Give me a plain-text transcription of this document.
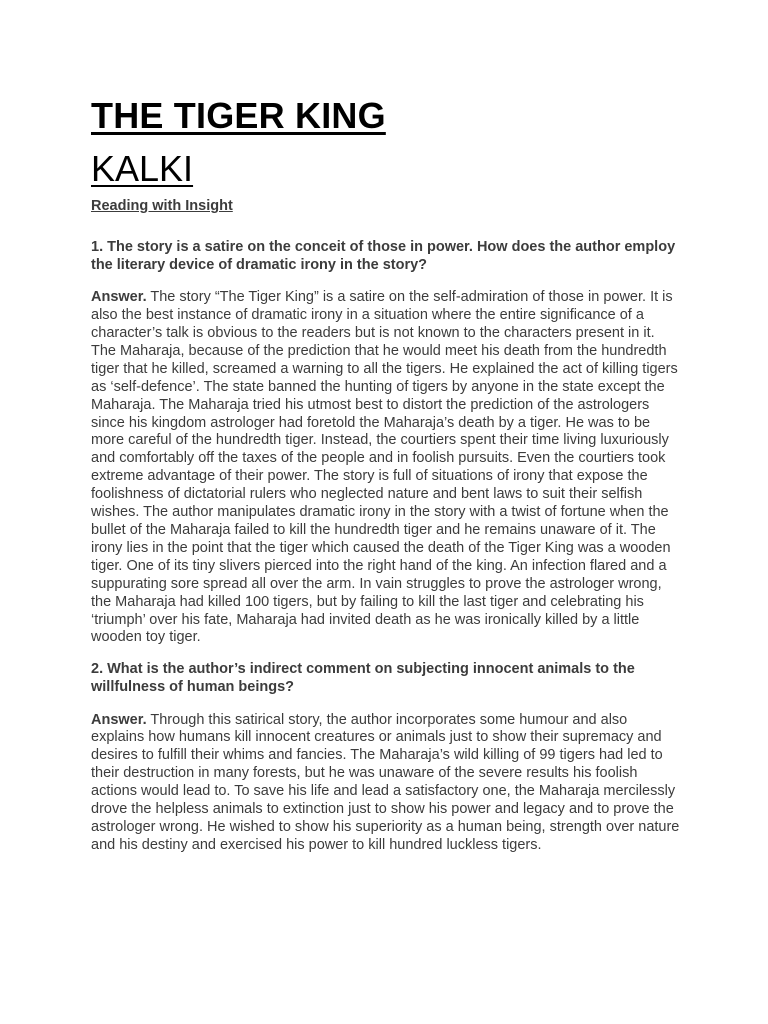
THE TIGER KING
KALKI
Reading with Insight

1. The story is a satire on the conceit of those in power. How does the author employ the literary device of dramatic irony in the story?

Answer. The story “The Tiger King” is a satire on the self-admiration of those in power. It is also the best instance of dramatic irony in a situation where the entire significance of a character’s talk is obvious to the readers but is not known to the characters present in it. The Maharaja, because of the prediction that he would meet his death from the hundredth tiger that he killed, screamed a warning to all the tigers. He explained the act of killing tigers as ‘self-defence’. The state banned the hunting of tigers by anyone in the state except the Maharaja. The Maharaja tried his utmost best to distort the prediction of the astrologers since his kingdom astrologer had foretold the Maharaja’s death by a tiger. He was to be more careful of the hundredth tiger. Instead, the courtiers spent their time living luxuriously and comfortably off the taxes of the people and in foolish pursuits. Even the courtiers took extreme advantage of their power. The story is full of situations of irony that expose the foolishness of dictatorial rulers who neglected nature and bent laws to suit their selfish wishes. The author manipulates dramatic irony in the story with a twist of fortune when the bullet of the Maharaja failed to kill the hundredth tiger and he remains unaware of it. The irony lies in the point that the tiger which caused the death of the Tiger King was a wooden tiger. One of its tiny slivers pierced into the right hand of the king. An infection flared and a suppurating sore spread all over the arm. In vain struggles to prove the astrologer wrong, the Maharaja had killed 100 tigers, but by failing to kill the last tiger and celebrating his ‘triumph’ over his fate, Maharaja had invited death as he was ironically killed by a little wooden toy tiger.

2. What is the author’s indirect comment on subjecting innocent animals to the willfulness of human beings?

Answer. Through this satirical story, the author incorporates some humour and also explains how humans kill innocent creatures or animals just to show their supremacy and desires to fulfill their whims and fancies. The Maharaja’s wild killing of 99 tigers had led to their destruction in many forests, but he was unaware of the severe results his foolish actions would lead to. To save his life and lead a satisfactory one, the Maharaja mercilessly drove the helpless animals to extinction just to show his power and legacy and to prove the astrologer wrong. He wished to show his superiority as a human being, strength over nature and his destiny and exercised his power to kill hundred luckless tigers.
